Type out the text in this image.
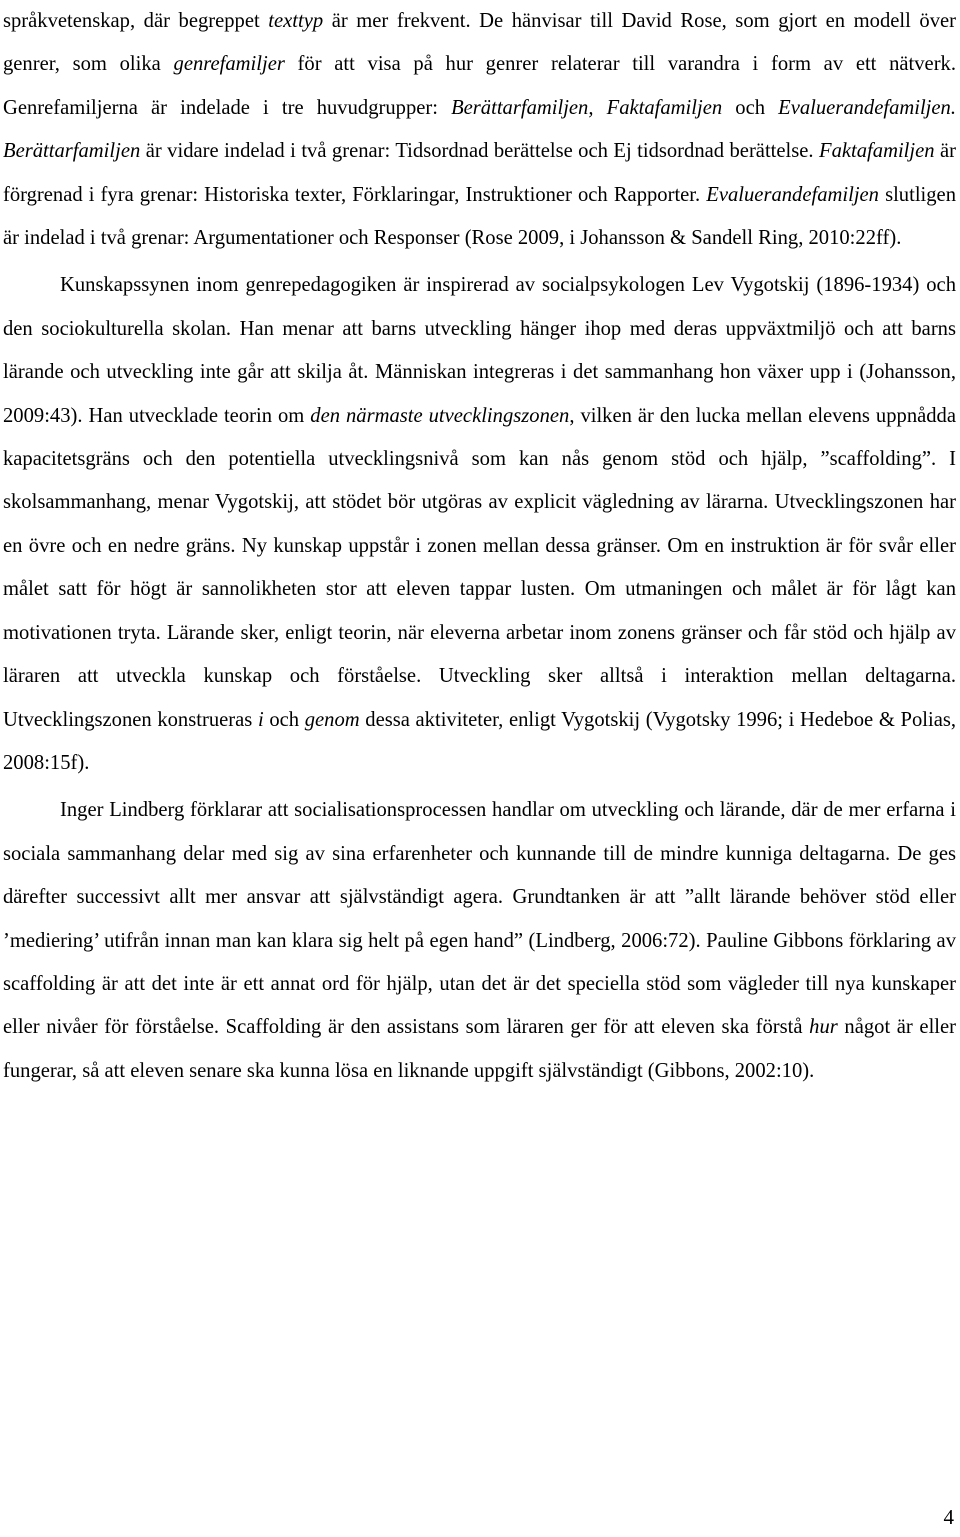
språkvetenskap, där begreppet texttyp är mer frekvent. De hänvisar till David Rose, som gjort en modell över genrer, som olika genrefamiljer för att visa på hur genrer relaterar till varandra i form av ett nätverk. Genrefamiljerna är indelade i tre huvudgrupper: Berättarfamiljen, Faktafamiljen och Evaluerandefamiljen. Berättarfamiljen är vidare indelad i två grenar: Tidsordnad berättelse och Ej tidsordnad berättelse. Faktafamiljen är förgrenad i fyra grenar: Historiska texter, Förklaringar, Instruktioner och Rapporter. Evaluerandefamiljen slutligen är indelad i två grenar: Argumentationer och Responser (Rose 2009, i Johansson & Sandell Ring, 2010:22ff).

Kunskapssynen inom genrepedagogiken är inspirerad av socialpsykologen Lev Vygotskij (1896-1934) och den sociokulturella skolan. Han menar att barns utveckling hänger ihop med deras uppväxtmiljö och att barns lärande och utveckling inte går att skilja åt. Människan integreras i det sammanhang hon växer upp i (Johansson, 2009:43). Han utvecklade teorin om den närmaste utvecklingszonen, vilken är den lucka mellan elevens uppnådda kapacitetsgräns och den potentiella utvecklingsnivå som kan nås genom stöd och hjälp, ”scaffolding”. I skolsammanhang, menar Vygotskij, att stödet bör utgöras av explicit vägledning av lärarna. Utvecklingszonen har en övre och en nedre gräns. Ny kunskap uppstår i zonen mellan dessa gränser. Om en instruktion är för svår eller målet satt för högt är sannolikheten stor att eleven tappar lusten. Om utmaningen och målet är för lågt kan motivationen tryta. Lärande sker, enligt teorin, när eleverna arbetar inom zonens gränser och får stöd och hjälp av läraren att utveckla kunskap och förståelse. Utveckling sker alltså i interaktion mellan deltagarna. Utvecklingszonen konstrueras i och genom dessa aktiviteter, enligt Vygotskij (Vygotsky 1996; i Hedeboe & Polias, 2008:15f).

Inger Lindberg förklarar att socialisationsprocessen handlar om utveckling och lärande, där de mer erfarna i sociala sammanhang delar med sig av sina erfarenheter och kunnande till de mindre kunniga deltagarna. De ges därefter successivt allt mer ansvar att självständigt agera. Grundtanken är att ”allt lärande behöver stöd eller ’mediering’ utifrån innan man kan klara sig helt på egen hand” (Lindberg, 2006:72). Pauline Gibbons förklaring av scaffolding är att det inte är ett annat ord för hjälp, utan det är det speciella stöd som vägleder till nya kunskaper eller nivåer för förståelse. Scaffolding är den assistans som läraren ger för att eleven ska förstå hur något är eller fungerar, så att eleven senare ska kunna lösa en liknande uppgift självständigt (Gibbons, 2002:10).

4
